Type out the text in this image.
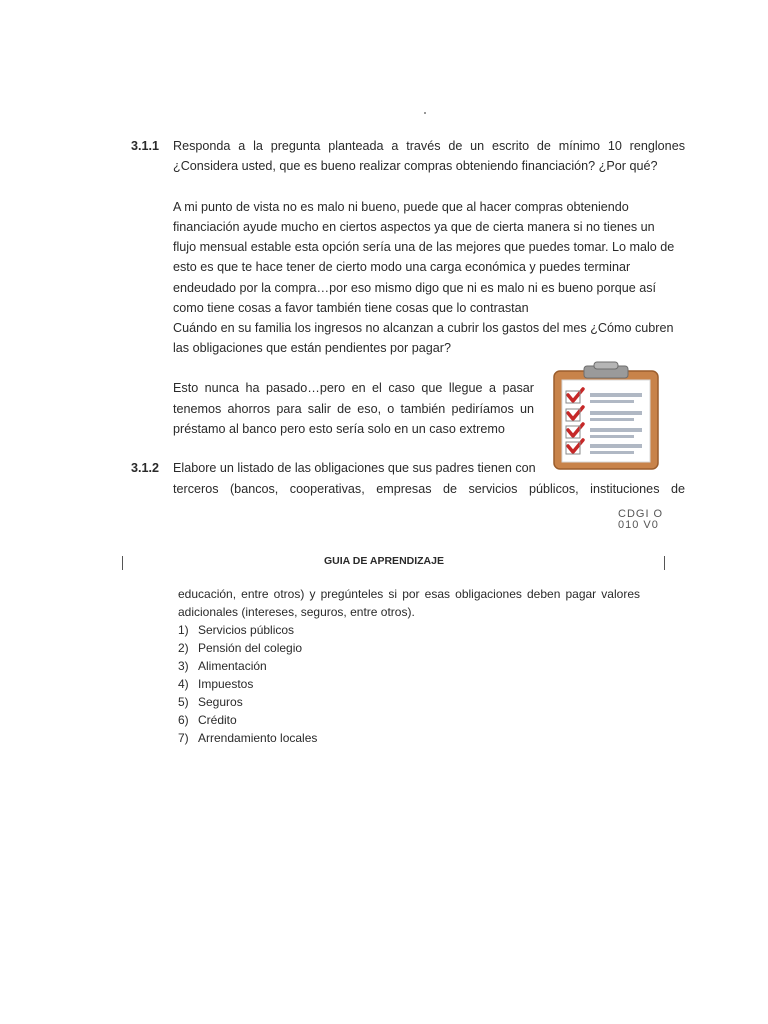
3.1.1 Responda a la pregunta planteada a través de un escrito de mínimo 10 renglones
¿Considera usted, que es bueno realizar compras obteniendo financiación? ¿Por qué?
A mi punto de vista no es malo ni bueno, puede que al hacer compras obteniendo
financiación ayude mucho en ciertos aspectos ya que de cierta manera si no tienes un
flujo mensual estable esta opción sería una de las mejores que puedes tomar. Lo malo de
esto es que te hace tener de cierto modo una carga económica y puedes terminar
endeudado por la compra…por eso mismo digo que ni es malo ni es bueno porque así
como tiene cosas a favor también tiene cosas que lo contrastan
Cuándo en su familia los ingresos no alcanzan a cubrir los gastos del mes ¿Cómo cubren
las obligaciones que están pendientes por pagar?
Esto nunca ha pasado…pero en el caso que llegue a pasar
tenemos ahorros para salir de eso, o también pediríamos un
préstamo al banco pero esto sería solo en un caso extremo
3.1.2 Elabore un listado de las obligaciones que sus padres tienen con
terceros (bancos, cooperativas, empresas de servicios públicos, instituciones de
CDGI O 010 V0
GUIA DE APRENDIZAJE
educación, entre otros) y pregúnteles si por esas obligaciones deben pagar valores
adicionales (intereses, seguros, entre otros).
1) Servicios públicos
2) Pensión del colegio
3) Alimentación
4) Impuestos
5) Seguros
6) Crédito
7) Arrendamiento locales
